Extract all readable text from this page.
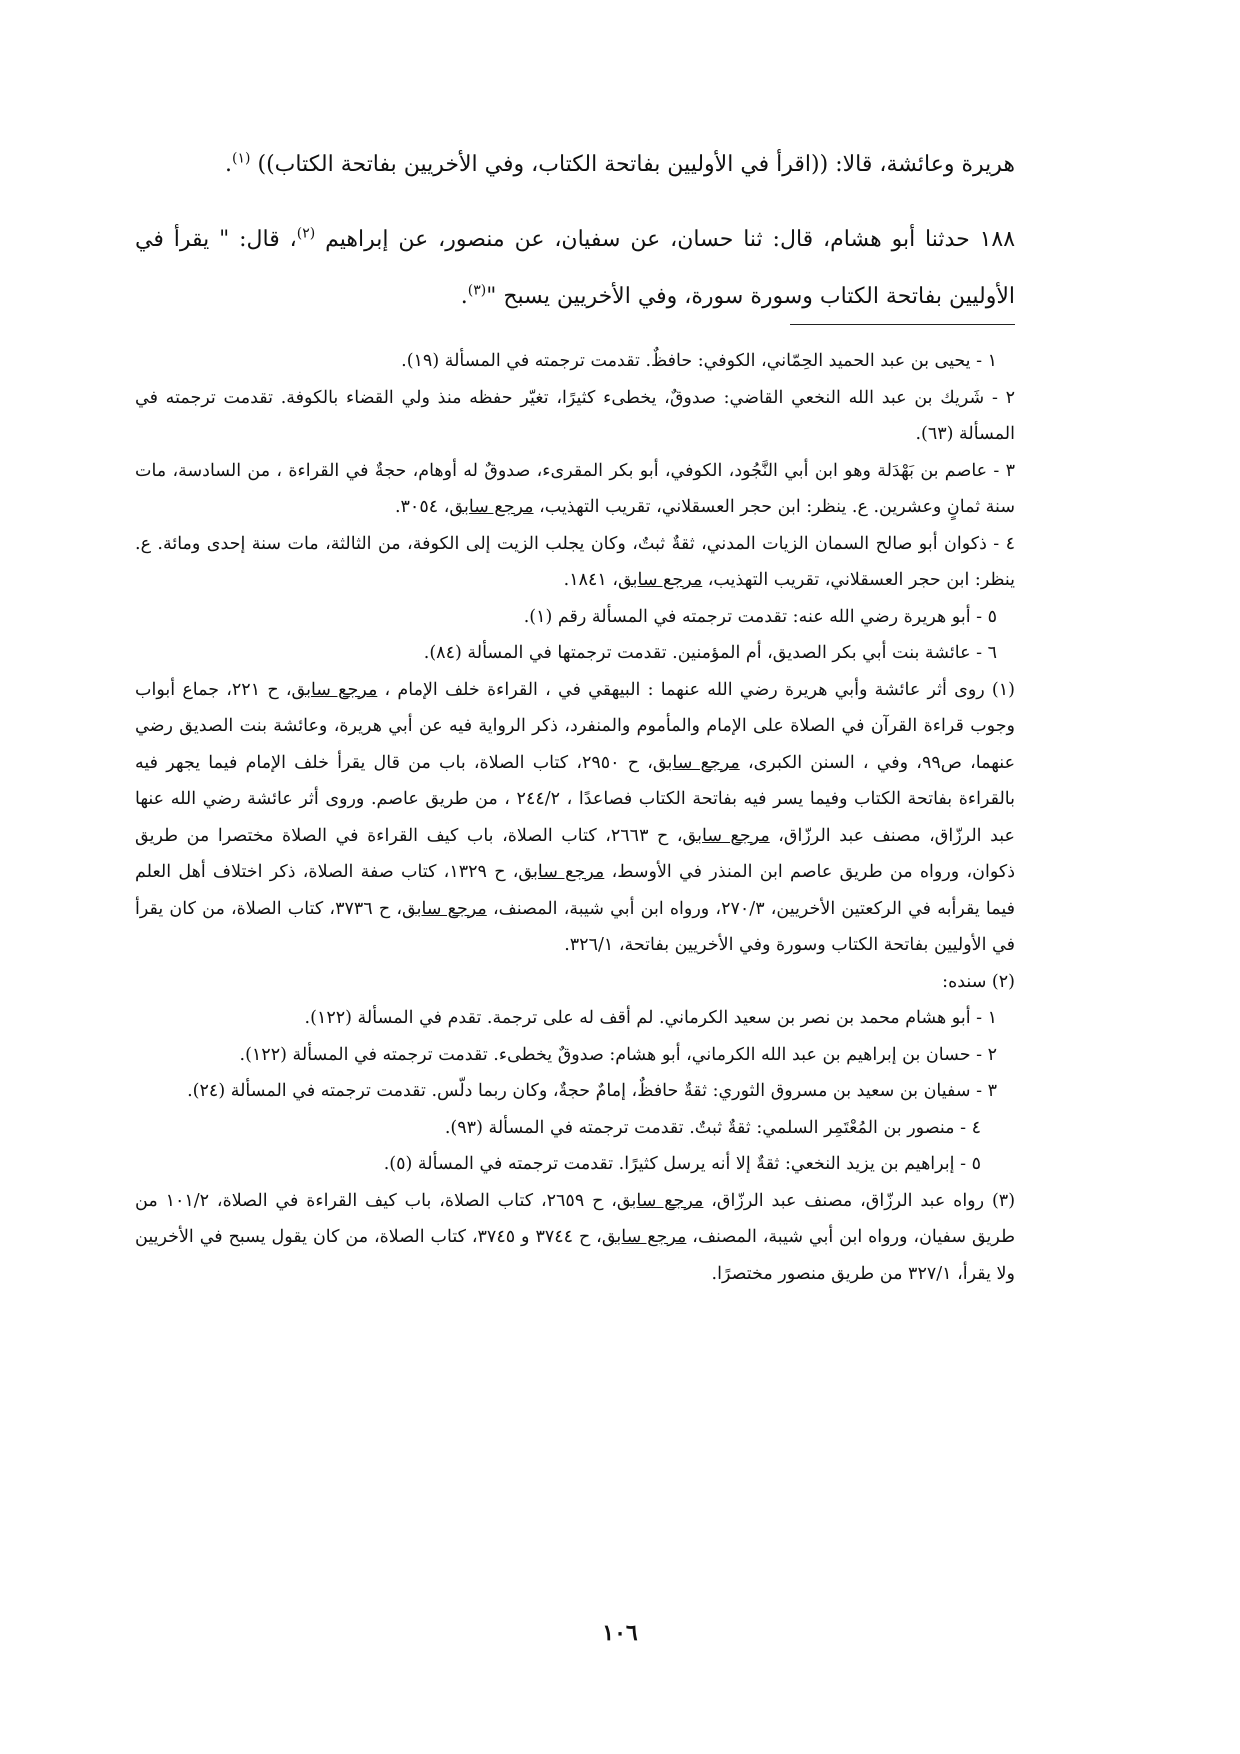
هريرة وعائشة، قالا: ((اقرأ في الأوليين بفاتحة الكتاب، وفي الأخريين بفاتحة الكتاب)) $^{(١)}$.

١٨٨ حدثنا أبو هشام، قال: ثنا حسان، عن سفيان، عن منصور، عن إبراهيم $^{(٢)}$، قال: " يقرأ في الأوليين بفاتحة الكتاب وسورة سورة، وفي الأخريين يسبح "$^{(٣)}$.

١ - يحيى بن عبد الحميد الحِمّاني، الكوفي: حافظٌ. تقدمت ترجمته في المسألة (١٩).

٢ - شَريك بن عبد الله النخعي القاضي: صدوقٌ، يخطىء كثيرًا، تغيّر حفظه منذ ولي القضاء بالكوفة. تقدمت ترجمته في المسألة (٦٣).

٣ - عاصم بن بَهْدَلة وهو ابن أبي النَّجُود، الكوفي، أبو بكر المقرىء، صدوقٌ له أوهام، حجةٌ في القراءة ، من السادسة، مات سنة ثمانٍ وعشرين. ع. ينظر: ابن حجر العسقلاني، تقريب التهذيب، مرجع سابق، ٣٠٥٤.

٤ - ذكوان أبو صالح السمان الزيات المدني، ثقةٌ ثبتٌ، وكان يجلب الزيت إلى الكوفة، من الثالثة، مات سنة إحدى ومائة. ع. ينظر: ابن حجر العسقلاني، تقريب التهذيب، مرجع سابق، ١٨٤١.

٥ - أبو هريرة رضي الله عنه: تقدمت ترجمته في المسألة رقم (١).

٦ - عائشة بنت أبي بكر الصديق، أم المؤمنين. تقدمت ترجمتها في المسألة (٨٤).

(١) روى أثر عائشة وأبي هريرة رضي الله عنهما : البيهقي في ، القراءة خلف الإمام ، مرجع سابق، ح ٢٢١، جماع أبواب وجوب قراءة القرآن في الصلاة على الإمام والمأموم والمنفرد، ذكر الرواية فيه عن أبي هريرة، وعائشة بنت الصديق رضي عنهما، ص٩٩، وفي ، السنن الكبرى، مرجع سابق، ح ٢٩٥٠، كتاب الصلاة، باب من قال يقرأ خلف الإمام فيما يجهر فيه بالقراءة بفاتحة الكتاب وفيما يسر فيه بفاتحة الكتاب فصاعدًا ، ٢٤٤/٢ ، من طريق عاصم. وروى أثر عائشة رضي الله عنها عبد الرزّاق، مصنف عبد الرزّاق، مرجع سابق، ح ٢٦٦٣، كتاب الصلاة، باب كيف القراءة في الصلاة مختصرا من طريق ذكوان، ورواه من طريق عاصم ابن المنذر في الأوسط، مرجع سابق، ح ١٣٢٩، كتاب صفة الصلاة، ذكر اختلاف أهل العلم فيما يقرأبه في الركعتين الأخريين، ٢٧٠/٣، ورواه ابن أبي شيبة، المصنف، مرجع سابق، ح ٣٧٣٦، كتاب الصلاة، من كان يقرأ في الأوليين بفاتحة الكتاب وسورة وفي الأخريين بفاتحة، ٣٢٦/١.

(٢) سنده:

١ - أبو هشام محمد بن نصر بن سعيد الكرماني. لم أقف له على ترجمة. تقدم في المسألة (١٢٢).

٢ - حسان بن إبراهيم بن عبد الله الكرماني، أبو هشام: صدوقٌ يخطىء. تقدمت ترجمته في المسألة (١٢٢).

٣ - سفيان بن سعيد بن مسروق الثوري: ثقةٌ حافظٌ، إمامٌ حجةٌ، وكان ربما دلّس. تقدمت ترجمته في المسألة (٢٤).

٤ - منصور بن المُعْتَمِر السلمي: ثقةٌ ثبتٌ. تقدمت ترجمته في المسألة (٩٣).

٥ - إبراهيم بن يزيد النخعي: ثقةٌ إلا أنه يرسل كثيرًا. تقدمت ترجمته في المسألة (٥).

(٣) رواه عبد الرزّاق، مصنف عبد الرزّاق، مرجع سابق، ح ٢٦٥٩، كتاب الصلاة، باب كيف القراءة في الصلاة، ١٠١/٢ من طريق سفيان، ورواه ابن أبي شيبة، المصنف، مرجع سابق، ح ٣٧٤٤ و ٣٧٤٥، كتاب الصلاة، من كان يقول يسبح في الأخريين ولا يقرأ، ٣٢٧/١ من طريق منصور مختصرًا.

١٠٦
